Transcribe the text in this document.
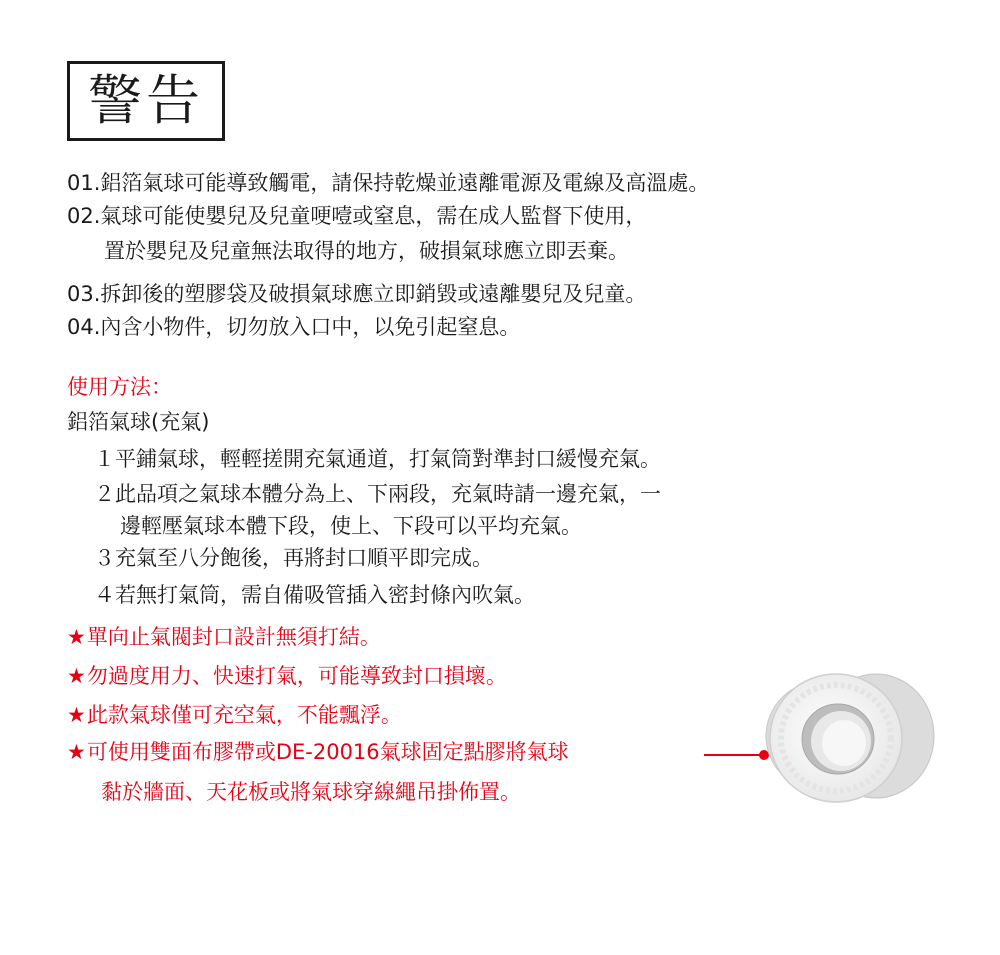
警告
01.鋁箔氣球可能導致觸電，請保持乾燥並遠離電源及電線及高溫處。
02.氣球可能使嬰兒及兒童哽噎或窒息，需在成人監督下使用，
置於嬰兒及兒童無法取得的地方，破損氣球應立即丟棄。
03.拆卸後的塑膠袋及破損氣球應立即銷毀或遠離嬰兒及兒童。
04.內含小物件，切勿放入口中，以免引起窒息。
使用方法：
鋁箔氣球(充氣)
１平鋪氣球，輕輕搓開充氣通道，打氣筒對準封口緩慢充氣。
２此品項之氣球本體分為上、下兩段，充氣時請一邊充氣，一
邊輕壓氣球本體下段，使上、下段可以平均充氣。
３充氣至八分飽後，再將封口順平即完成。
４若無打氣筒，需自備吸管插入密封條內吹氣。
★單向止氣閥封口設計無須打結。
★勿過度用力、快速打氣，可能導致封口損壞。
★此款氣球僅可充空氣，不能飄浮。
★可使用雙面布膠帶或DE-20016氣球固定點膠將氣球
黏於牆面、天花板或將氣球穿線繩吊掛佈置。
